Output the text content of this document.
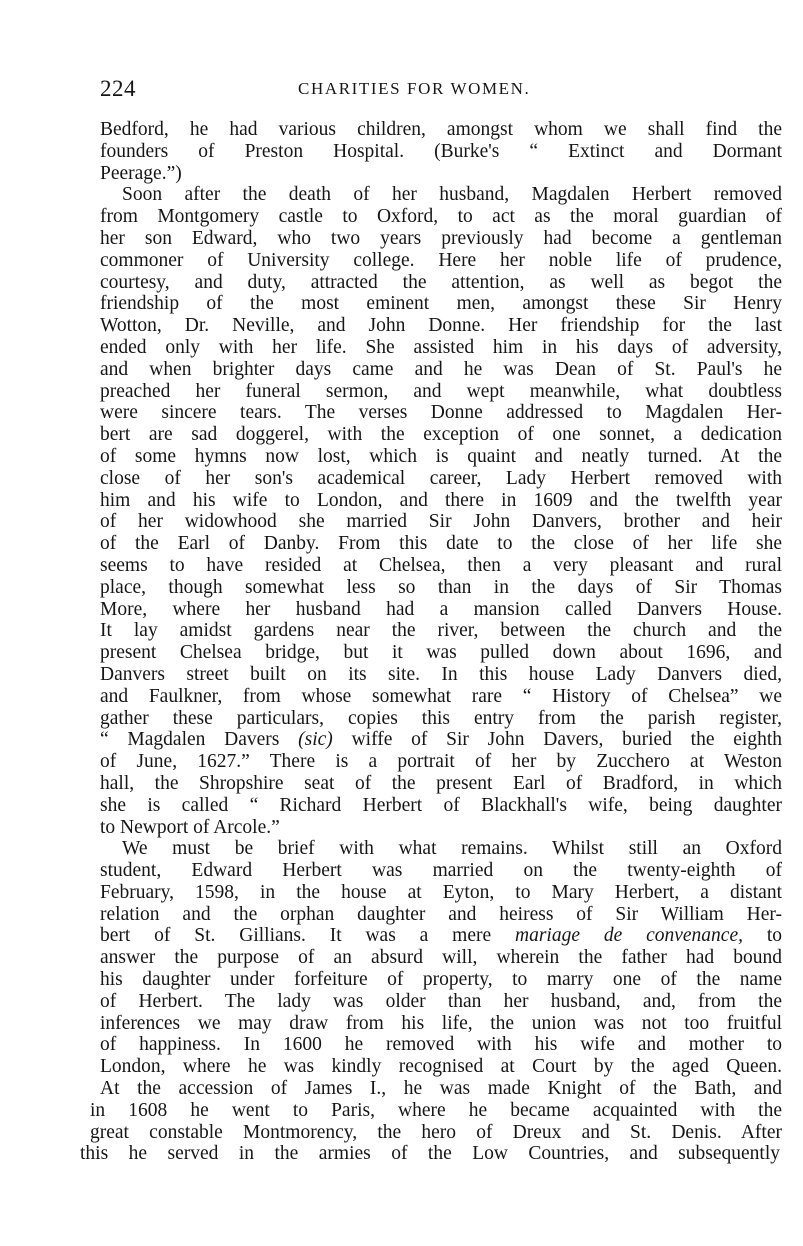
224	CHARITIES FOR WOMEN.
Bedford, he had various children, amongst whom we shall find the
founders of Preston Hospital. (Burke's “ Extinct and Dormant
Peerage.”)
Soon after the death of her husband, Magdalen Herbert removed
from Montgomery castle to Oxford, to act as the moral guardian of
her son Edward, who two years previously had become a gentleman
commoner of University college. Here her noble life of prudence,
courtesy, and duty, attracted the attention, as well as begot the
friendship of the most eminent men, amongst these Sir Henry
Wotton, Dr. Neville, and John Donne. Her friendship for the last
ended only with her life. She assisted him in his days of adversity,
and when brighter days came and he was Dean of St. Paul's he
preached her funeral sermon, and wept meanwhile, what doubtless
were sincere tears. The verses Donne addressed to Magdalen Her-
bert are sad doggerel, with the exception of one sonnet, a dedication
of some hymns now lost, which is quaint and neatly turned. At the
close of her son's academical career, Lady Herbert removed with
him and his wife to London, and there in 1609 and the twelfth year
of her widowhood she married Sir John Danvers, brother and heir
of the Earl of Danby. From this date to the close of her life she
seems to have resided at Chelsea, then a very pleasant and rural
place, though somewhat less so than in the days of Sir Thomas
More, where her husband had a mansion called Danvers House.
It lay amidst gardens near the river, between the church and the
present Chelsea bridge, but it was pulled down about 1696, and
Danvers street built on its site. In this house Lady Danvers died,
and Faulkner, from whose somewhat rare “ History of Chelsea” we
gather these particulars, copies this entry from the parish register,
“ Magdalen Davers (sic) wiffe of Sir John Davers, buried the eighth
of June, 1627.” There is a portrait of her by Zucchero at Weston
hall, the Shropshire seat of the present Earl of Bradford, in which
she is called “ Richard Herbert of Blackhall's wife, being daughter
to Newport of Arcole.”
We must be brief with what remains. Whilst still an Oxford
student, Edward Herbert was married on the twenty-eighth of
February, 1598, in the house at Eyton, to Mary Herbert, a distant
relation and the orphan daughter and heiress of Sir William Her-
bert of St. Gillians. It was a mere mariage de convenance, to
answer the purpose of an absurd will, wherein the father had bound
his daughter under forfeiture of property, to marry one of the name
of Herbert. The lady was older than her husband, and, from the
inferences we may draw from his life, the union was not too fruitful
of happiness. In 1600 he removed with his wife and mother to
London, where he was kindly recognised at Court by the aged Queen.
At the accession of James I., he was made Knight of the Bath, and
in 1608 he went to Paris, where he became acquainted with the
great constable Montmorency, the hero of Dreux and St. Denis. After
this he served in the armies of the Low Countries, and subsequently
